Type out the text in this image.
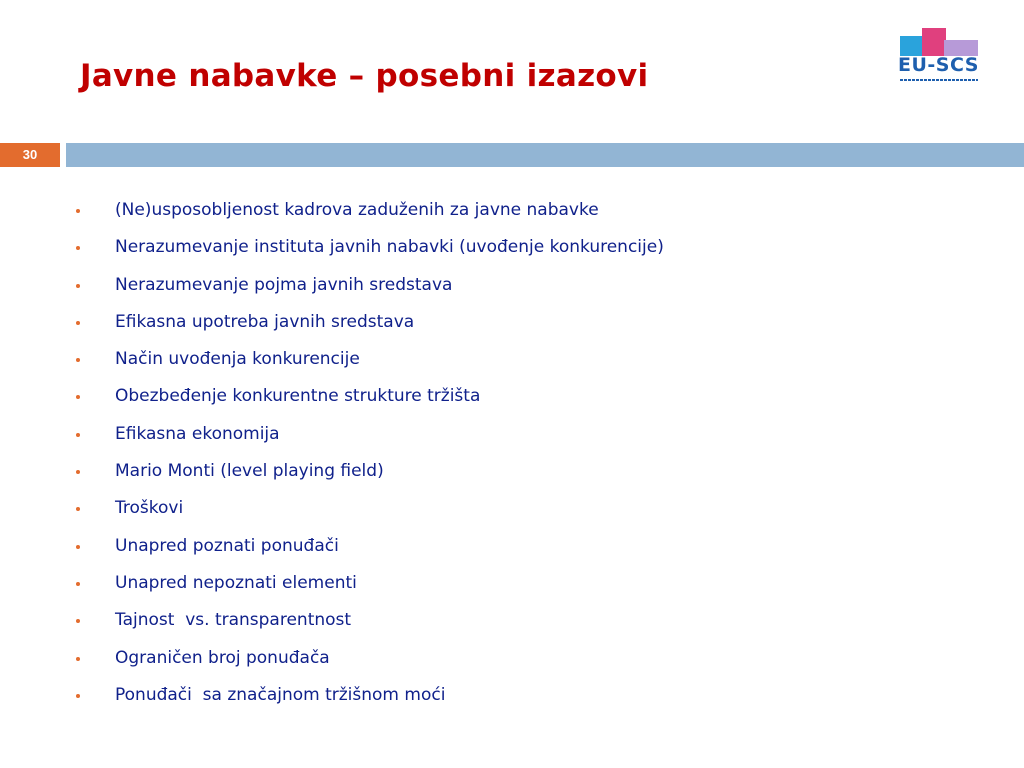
Javne nabavke – posebni izazovi	EU-SCS
30
(Ne)usposobljenost kadrova zaduženih za javne nabavke
Nerazumevanje instituta javnih nabavki (uvođenje konkurencije)
Nerazumevanje pojma javnih sredstava
Efikasna upotreba javnih sredstava
Način uvođenja konkurencije
Obezbeđenje konkurentne strukture tržišta
Efikasna ekonomija
Mario Monti (level playing field)
Troškovi
Unapred poznati ponuđači
Unapred nepoznati elementi
Tajnost  vs. transparentnost
Ograničen broj ponuđača
Ponuđači  sa značajnom tržišnom moći
